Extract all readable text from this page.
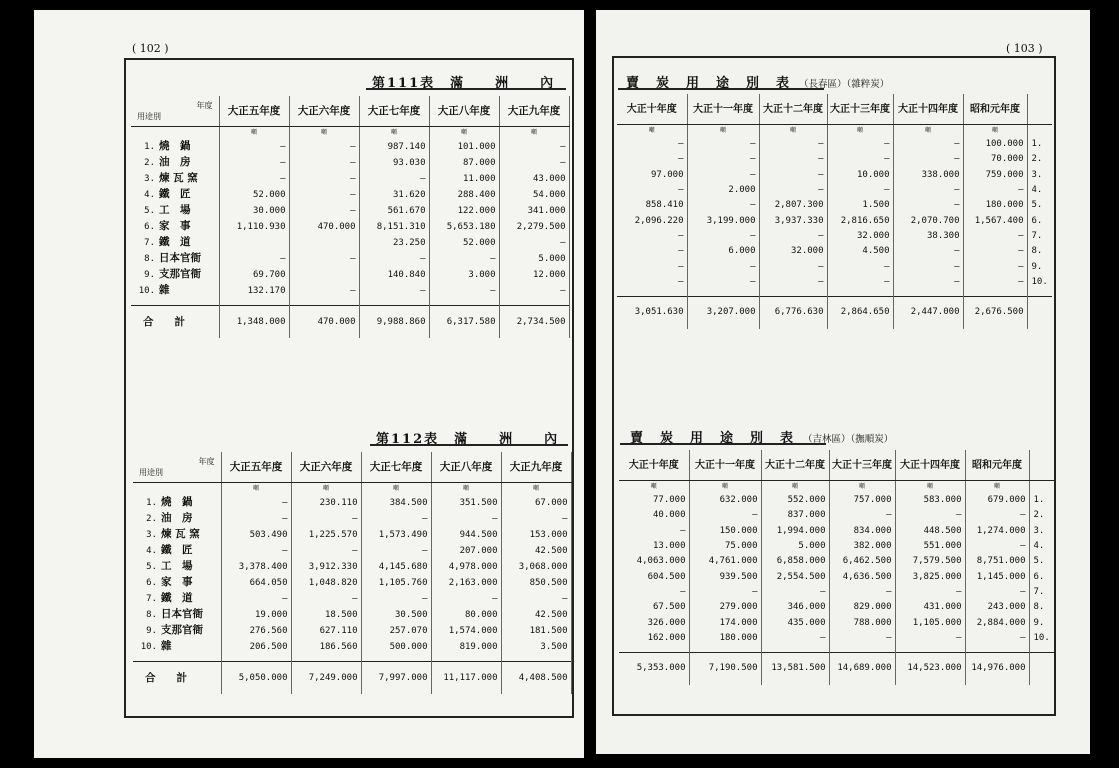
( 102 )	( 103 )
第111表　滿　　洲　　內	賣　炭　用　途　別　表 （長春區）（雜粹炭）
第112表　滿　　洲　　內	賣　炭　用　途　別　表 （吉林區）（撫順炭）
年度
用途別	大正五年度	大正六年度	大正七年度	大正八年度	大正九年度
	噸	噸	噸	噸	噸
1. 燒　鍋	—	—	987.140	101.000	—
2. 油　房	—	—	93.030	87.000	—
3. 煉 瓦 窯	—	—	—	11.000	43.000
4. 鐵　匠	52.000	—	31.620	288.400	54.000
5. 工　場	30.000	—	561.670	122.000	341.000
6. 家　事	1,110.930	470.000	8,151.310	5,653.180	2,279.500
7. 鐵　道			23.250	52.000	—
8. 日本官衙	—	—	—	—	5.000
9. 支那官衙	69.700		140.840	3.000	12.000
10. 雜	132.170	—	—	—	—

合　　計	1,348.000	470.000	9,988.860	6,317.580	2,734.500
大正十年度	大正十一年度	大正十二年度	大正十三年度	大正十四年度	昭和元年度	
噸	噸	噸	噸	噸	噸	
—	—	—	—	—	100.000	1.
—	—	—	—	—	70.000	2.
97.000	—	—	10.000	338.000	759.000	3.
—	2.000	—	—	—	—	4.
858.410	—	2,807.300	1.500	—	180.000	5.
2,096.220	3,199.000	3,937.330	2,816.650	2,070.700	1,567.400	6.
—	—	—	32.000	38.300	—	7.
—	6.000	32.000	4.500	—	—	8.
—	—	—	—	—	—	9.
—	—	—	—	—	—	10.

3,051.630	3,207.000	6,776.630	2,864.650	2,447.000	2,676.500	
年度
用途別	大正五年度	大正六年度	大正七年度	大正八年度	大正九年度
	噸	噸	噸	噸	噸
1. 燒　鍋	—	230.110	384.500	351.500	67.000
2. 油　房	—	—	—	—	—
3. 煉 瓦 窯	503.490	1,225.570	1,573.490	944.500	153.000
4. 鐵　匠	—	—	—	207.000	42.500
5. 工　場	3,378.400	3,912.330	4,145.680	4,978.000	3,068.000
6. 家　事	664.050	1,048.820	1,105.760	2,163.000	850.500
7. 鐵　道	—	—	—	—	—
8. 日本官衙	19.000	18.500	30.500	80.000	42.500
9. 支那官衙	276.560	627.110	257.070	1,574.000	181.500
10. 雜	206.500	186.560	500.000	819.000	3.500

合　　計	5,050.000	7,249.000	7,997.000	11,117.000	4,408.500
大正十年度	大正十一年度	大正十二年度	大正十三年度	大正十四年度	昭和元年度	
噸	噸	噸	噸	噸	噸	
77.000	632.000	552.000	757.000	583.000	679.000	1.
40.000	—	837.000	—	—	—	2.
—	150.000	1,994.000	834.000	448.500	1,274.000	3.
13.000	75.000	5.000	382.000	551.000	—	4.
4,063.000	4,761.000	6,858.000	6,462.500	7,579.500	8,751.000	5.
604.500	939.500	2,554.500	4,636.500	3,825.000	1,145.000	6.
—	—	—	—	—	—	7.
67.500	279.000	346.000	829.000	431.000	243.000	8.
326.000	174.000	435.000	788.000	1,105.000	2,884.000	9.
162.000	180.000	—	—	—	—	10.

5,353.000	7,190.500	13,581.500	14,689.000	14,523.000	14,976.000	
